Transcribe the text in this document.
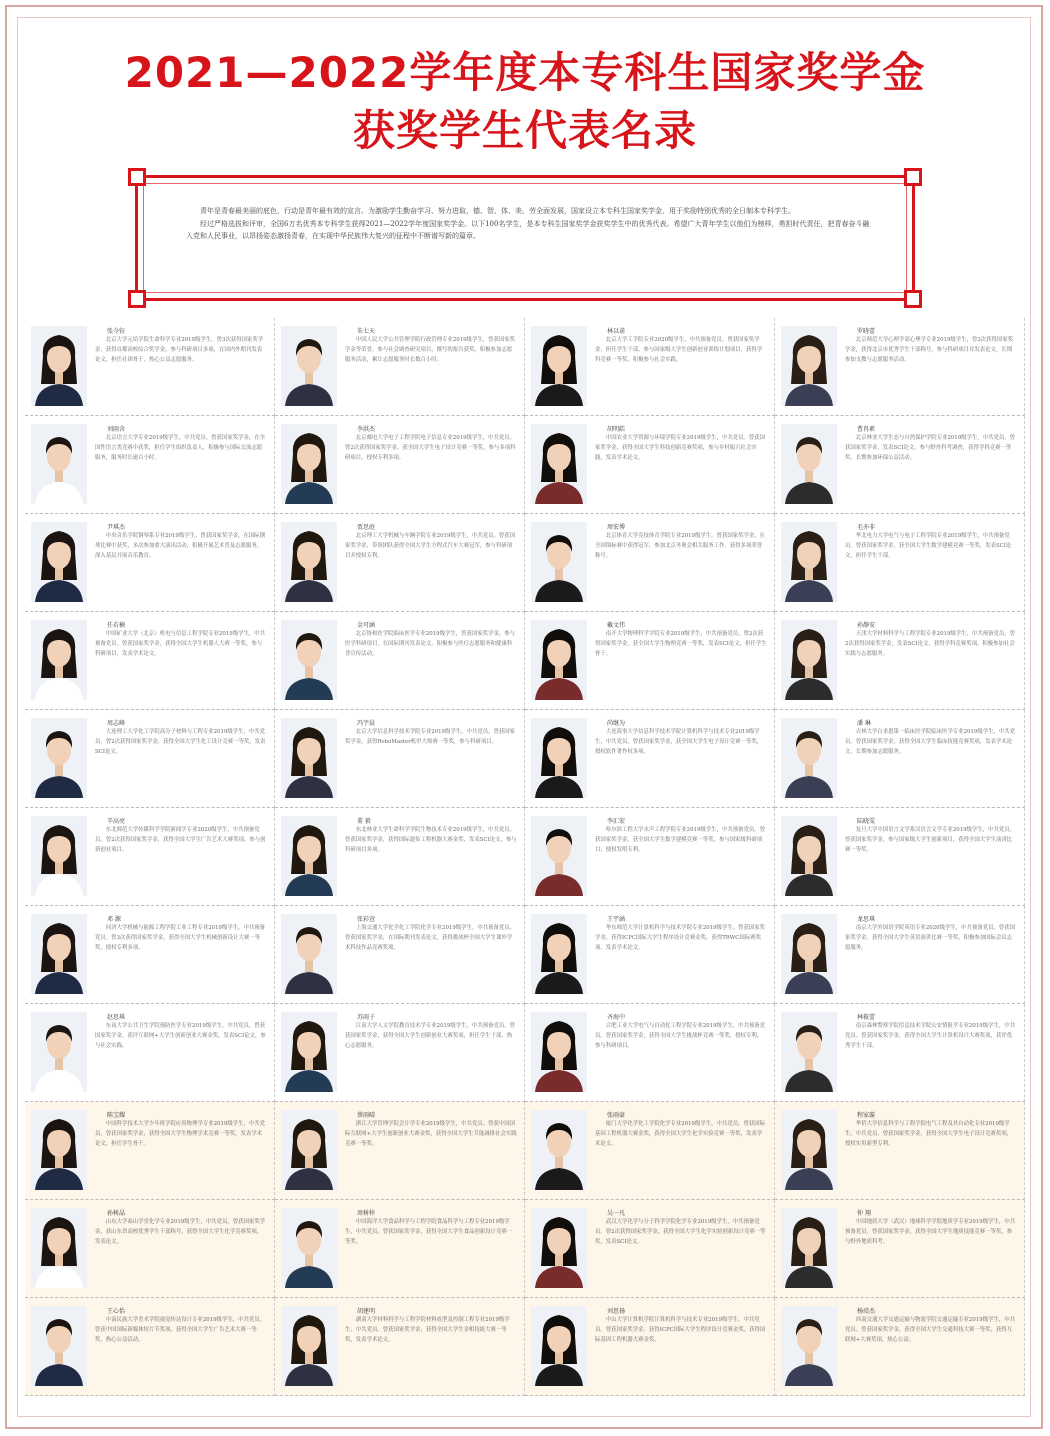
2021—2022学年度本专科生国家奖学金
获奖学生代表名录

青年是青春最美丽的底色，行动是青年最有效的宣言。为激励学生勤奋学习、努力进取，德、智、体、美、劳全面发展，国家设立本专科生国家奖学金，用于奖励特别优秀的全日制本专科学生。

经过严格选拔和评审，全国6万名优秀本专科学生获得2021—2022学年度国家奖学金。以下100名学生，是本专科生国家奖学金获奖学生中的优秀代表。希望广大青年学生以他们为榜样，勇担时代责任，把青春奋斗融入党和人民事业，以昂扬姿态激扬青春，在实现中华民族伟大复兴的征程中不断谱写新的篇章。

张今钰
北京大学元培学院生命科学专业2019级学生。曾3次获得国家奖学金，获得首都高校综合奖学金，参与科研项目多项，在国内外期刊发表论文，担任社团骨干，热心公益志愿服务。
朱七天
中国人民大学公共管理学院行政管理专业2019级学生，曾获国家奖学金等荣誉，参与社会调查研究项目，撰写的报告获奖，积极参加志愿服务活动，累计志愿服务时长数百小时。
林以诺
北京大学工学院专业2020级学生，中共预备党员。曾获国家奖学金，担任学生干部，参与国家级大学生创新创业训练计划项目，获得学科竞赛一等奖，积极参与社会实践。
罗晓蕾
北京师范大学心理学部心理学专业2019级学生，曾2次获得国家奖学金，获得北京市优秀学生干部称号，参与科研项目并发表论文，长期参加支教与志愿服务活动。
刘雨含
北京语言大学专业2019级学生，中共党员。曾获国家奖学金，在全国性语言类竞赛中获奖，担任学生组织负责人，积极参与国际交流志愿服务，服务时长逾百小时。
李洪杰
北京邮电大学电子工程学院电子信息专业2019级学生，中共党员。曾2次获得国家奖学金，获全国大学生电子设计竞赛一等奖，参与多项科研项目，授权专利多项。
胡明皓
中国农业大学资源与环境学院专业2019级学生，中共党员。曾获国家奖学金，获得全国大学生科技创新竞赛奖项，参与乡村振兴社会实践，发表学术论文。
曹冉素
北京林业大学生态与自然保护学院专业2019级学生，中共党员。曾获国家奖学金，发表SCI论文，参与野外科考调查，获得学科竞赛一等奖，长期参加环保公益活动。
尹琪杰
中央音乐学院钢琴系专业2019级学生。曾获国家奖学金，在国际钢琴比赛中获奖，多次参加重大演出活动，积极开展艺术普及志愿服务，深入基层开展音乐教育。
贾思庭
北京理工大学机械与车辆学院专业2019级学生，中共党员。曾获国家奖学金，带领团队获得全国大学生方程式汽车大赛冠军，参与科研项目并授权专利。
周宏博
北京体育大学竞技体育学院专业2019级学生。曾获国家奖学金，在全国锦标赛中获得冠军，参加北京冬奥会相关服务工作，获得多项荣誉称号。
毛亦非
华北电力大学电气与电子工程学院专业2019级学生，中共预备党员。曾获国家奖学金，获全国大学生数学建模竞赛一等奖，发表SCI论文，担任学生干部。
任若楠
中国矿业大学（北京）机电与信息工程学院专业2019级学生，中共预备党员。曾获国家奖学金，获得全国大学生机器人大赛一等奖，参与科研项目，发表学术论文。
金可涵
北京协和医学院临床医学专业2019级学生，曾获国家奖学金，参与医学科研项目，在国际期刊发表论文，积极参与医疗志愿服务和健康科普宣传活动。
戴文伟
南开大学物理科学学院专业2019级学生，中共预备党员。曾2次获得国家奖学金，获全国大学生物理竞赛一等奖，发表SCI论文，担任学生骨干。
孙静安
天津大学材料科学与工程学院专业2019级学生，中共预备党员。曾2次获得国家奖学金，发表SCI论文，获得学科竞赛奖项，积极参加社会实践与志愿服务。
周志峰
大连理工大学化工学院高分子材料与工程专业2019级学生，中共党员。曾2次获得国家奖学金，获得全国大学生化工设计竞赛一等奖，发表SCI论文。
冯宇晨
北京大学信息科学技术学院专业2019级学生，中共党员。曾获国家奖学金，获得RoboMaster机甲大师赛一等奖，参与科研项目。
尚继为
大连海事大学信息科学技术学院计算机科学与技术专业2019级学生，中共党员。曾获国家奖学金，获全国大学生电子设计竞赛一等奖，授权软件著作权多项。
潘 琳
吉林大学白求恩第一临床医学院临床医学专业2019级学生，中共党员。曾获国家奖学金，获得全国大学生临床技能竞赛奖项，发表学术论文，长期参加志愿服务。
辛高亮
东北师范大学传媒科学学院新闻学专业2020级学生，中共预备党员。曾2次获得国家奖学金，获得全国大学生广告艺术大赛奖项，参与创新创业项目。
董 毅
东北林业大学生命科学学院生物技术专业2019级学生，中共党员。曾获国家奖学金，获得国际遗传工程机器大赛金奖，发表SCI论文，参与科研项目多项。
李汇宏
哈尔滨工程大学水声工程学院专业2019级学生，中共预备党员。曾获国家奖学金，获全国大学生数学建模竞赛一等奖，参与国家级科研项目，授权发明专利。
陆晓雯
复旦大学中国语言文学系汉语言文学专业2019级学生，中共党员。曾获国家奖学金，参与国家级大学生创新项目，获得全国大学生演讲比赛一等奖。
邓 源
同济大学机械与能源工程学院工业工程专业2019级学生，中共预备党员。曾3次获得国家奖学金，获得全国大学生机械创新设计大赛一等奖，授权专利多项。
张彩萱
上海交通大学化学化工学院化学专业2019级学生，中共预备党员。曾获国家奖学金，在国际期刊发表论文，获得挑战杯全国大学生课外学术科技作品竞赛奖项。
王宇涵
华东师范大学计算机科学与技术学院专业2019级学生。曾获国家奖学金，获得ICPC国际大学生程序设计竞赛金奖，获得TRWC国际赛奖项，发表学术论文。
龙思琪
南京大学外国语学院英语专业2020级学生，中共预备党员。曾获国家奖学金，获得全国大学生英语演讲比赛一等奖，积极参加国际会议志愿服务。
赵思琪
东南大学公共卫生学院预防医学专业2019级学生，中共党员。曾获国家奖学金，获评互联网+大学生创新创业大赛金奖，发表SCI论文，参与社会实践。
苏雨子
江南大学人文学院教育技术学专业2019级学生，中共预备党员。曾获国家奖学金，获得全国大学生创新创业大赛奖项，担任学生干部，热心志愿服务。
齐海中
合肥工业大学电气与自动化工程学院专业2019级学生，中共预备党员。曾获国家奖学金，获得全国大学生挑战杯竞赛一等奖，授权专利，参与科研项目。
林筱蕾
南京森林警察学院信息技术学院公安情报学专业2019级学生，中共党员。曾获国家奖学金，获得全国大学生计算机设计大赛奖项，获评优秀学生干部。
陈宝耀
中国科学技术大学少年班学院应用物理学专业2019级学生，中共党员。曾获国家奖学金，获得全国大学生物理学术竞赛一等奖，发表学术论文，担任学生骨干。
蔡雨晴
浙江大学管理学院会计学专业2019级学生，中共党员。曾获中国国际互联网+大学生创新创业大赛金奖，获得全国大学生节能减排社会实践竞赛一等奖。
张雨豪
厦门大学化学化工学院化学专业2019级学生，中共党员。曾获国际基因工程机器大赛金奖，获得全国大学生化学实验竞赛一等奖，发表学术论文。
程家璇
华侨大学信息科学与工程学院电气工程及其自动化专业2019级学生，中共党员。曾获国家奖学金，获得全国大学生电子设计竞赛奖项，授权实用新型专利。
孙树晶
山东大学泰山学堂化学专业2019级学生，中共党员。曾获国家奖学金，获山东省高校优秀学生干部称号，获得全国大学生化学竞赛奖项，发表论文。
周树梓
中国海洋大学食品科学与工程学院食品科学与工程专业2019级学生，中共党员。曾获国家奖学金，获得全国大学生食品创新设计竞赛一等奖。
吴一凡
武汉大学化学与分子科学学院化学专业2019级学生，中共预备党员。曾2次获得国家奖学金，获得全国大学生化学实验创新设计竞赛一等奖，发表SCI论文。
仲 翔
中国地质大学（武汉）地球科学学院地质学专业2019级学生，中共预备党员。曾获国家奖学金，获得全国大学生地质技能竞赛一等奖，参与野外地质科考。
王心怡
中南民族大学美术学院视觉传达设计专业2019级学生，中共党员。曾获中国国际新媒体短片节奖项，获得全国大学生广告艺术大赛一等奖，热心公益活动。
胡建明
湖南大学材料科学与工程学院材料成型及控制工程专业2019级学生，中共党员。曾获国家奖学金，获得全国大学生金相技能大赛一等奖，发表学术论文。
刘思扬
中山大学计算机学院计算机科学与技术专业2019级学生，中共党员。曾获国家奖学金，获得ICPC国际大学生程序设计竞赛金奖，获得国际基因工程机器大赛金奖。
杨靖杰
西南交通大学交通运输与物流学院交通运输专业2019级学生，中共党员。曾获国家奖学金，获得全国大学生交通科技大赛一等奖，获得互联网+大赛奖项，热心公益。
